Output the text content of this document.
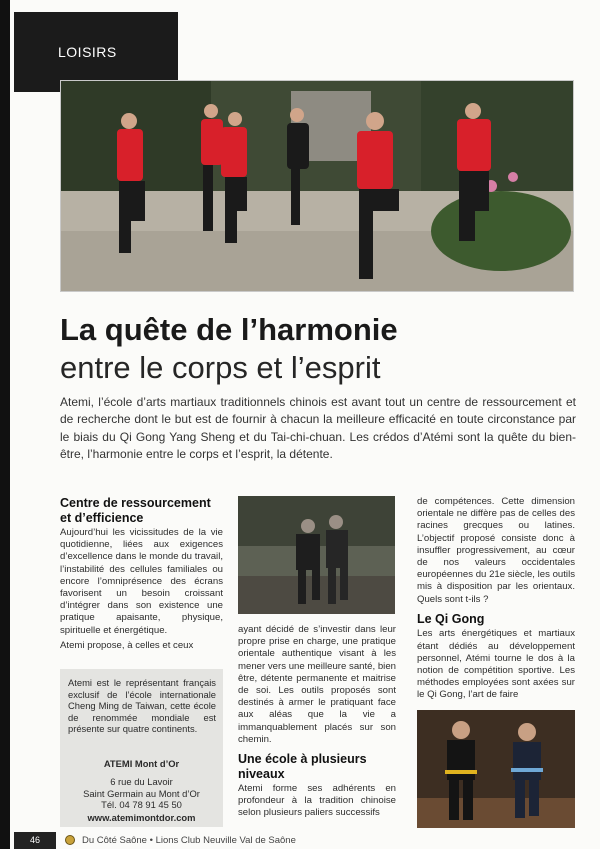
LOISIRS
La quête de l’harmonie
entre le corps et l’esprit
Atemi, l’école d’arts martiaux traditionnels chinois est avant tout un centre de ressourcement et de recherche dont le but est de fournir à chacun la meilleure efficacité en toute circonstance par le biais du Qi Gong Yang Sheng et du Tai-chi-chuan. Les crédos d’Atémi sont la quête du bien-être, l’harmonie entre le corps et l’esprit, la détente.
Centre de ressourcement et d’efficience

Aujourd’hui les vicissitudes de la vie quotidienne, liées aux exigences d’excellence dans le monde du travail, l’instabilité des cellules familiales ou encore l’omniprésence des écrans favorisent un besoin croissant d’intégrer dans son existence une pratique apaisante, physique, spirituelle et énergétique.

Atemi propose, à celles et ceux

Atemi est le représentant français exclusif de l’école internationale Cheng Ming de Taiwan, cette école de renommée mondiale est présente sur quatre continents.
ATEMI Mont d’Or
6 rue du Lavoir
Saint Germain au Mont d’Or
Tél. 04 78 91 45 50
www.atemimontdor.com

ayant décidé de s’investir dans leur propre prise en charge, une pratique orientale authentique visant à les mener vers une meilleure santé, bien être, détente permanente et maitrise de soi. Les outils proposés sont destinés à armer le pratiquant face aux aléas que la vie a immanquablement placés sur son chemin.

Une école à plusieurs niveaux

Atemi forme ses adhérents en profondeur à la tradition chinoise selon plusieurs paliers successifs

de compétences. Cette dimension orientale ne diffère pas de celles des racines grecques ou latines. L’objectif proposé consiste donc à insuffler progressivement, au cœur de nos valeurs occidentales européennes du 21e siècle, les outils mis à disposition par les orientaux. Quels sont t-ils ?

Le Qi Gong

Les arts énergétiques et martiaux étant dédiés au développement personnel, Atémi tourne le dos à la notion de compétition sportive. Les méthodes employées sont axées sur le Qi Gong, l’art de faire

46	Du Côté Saône • Lions Club Neuville Val de Saône
